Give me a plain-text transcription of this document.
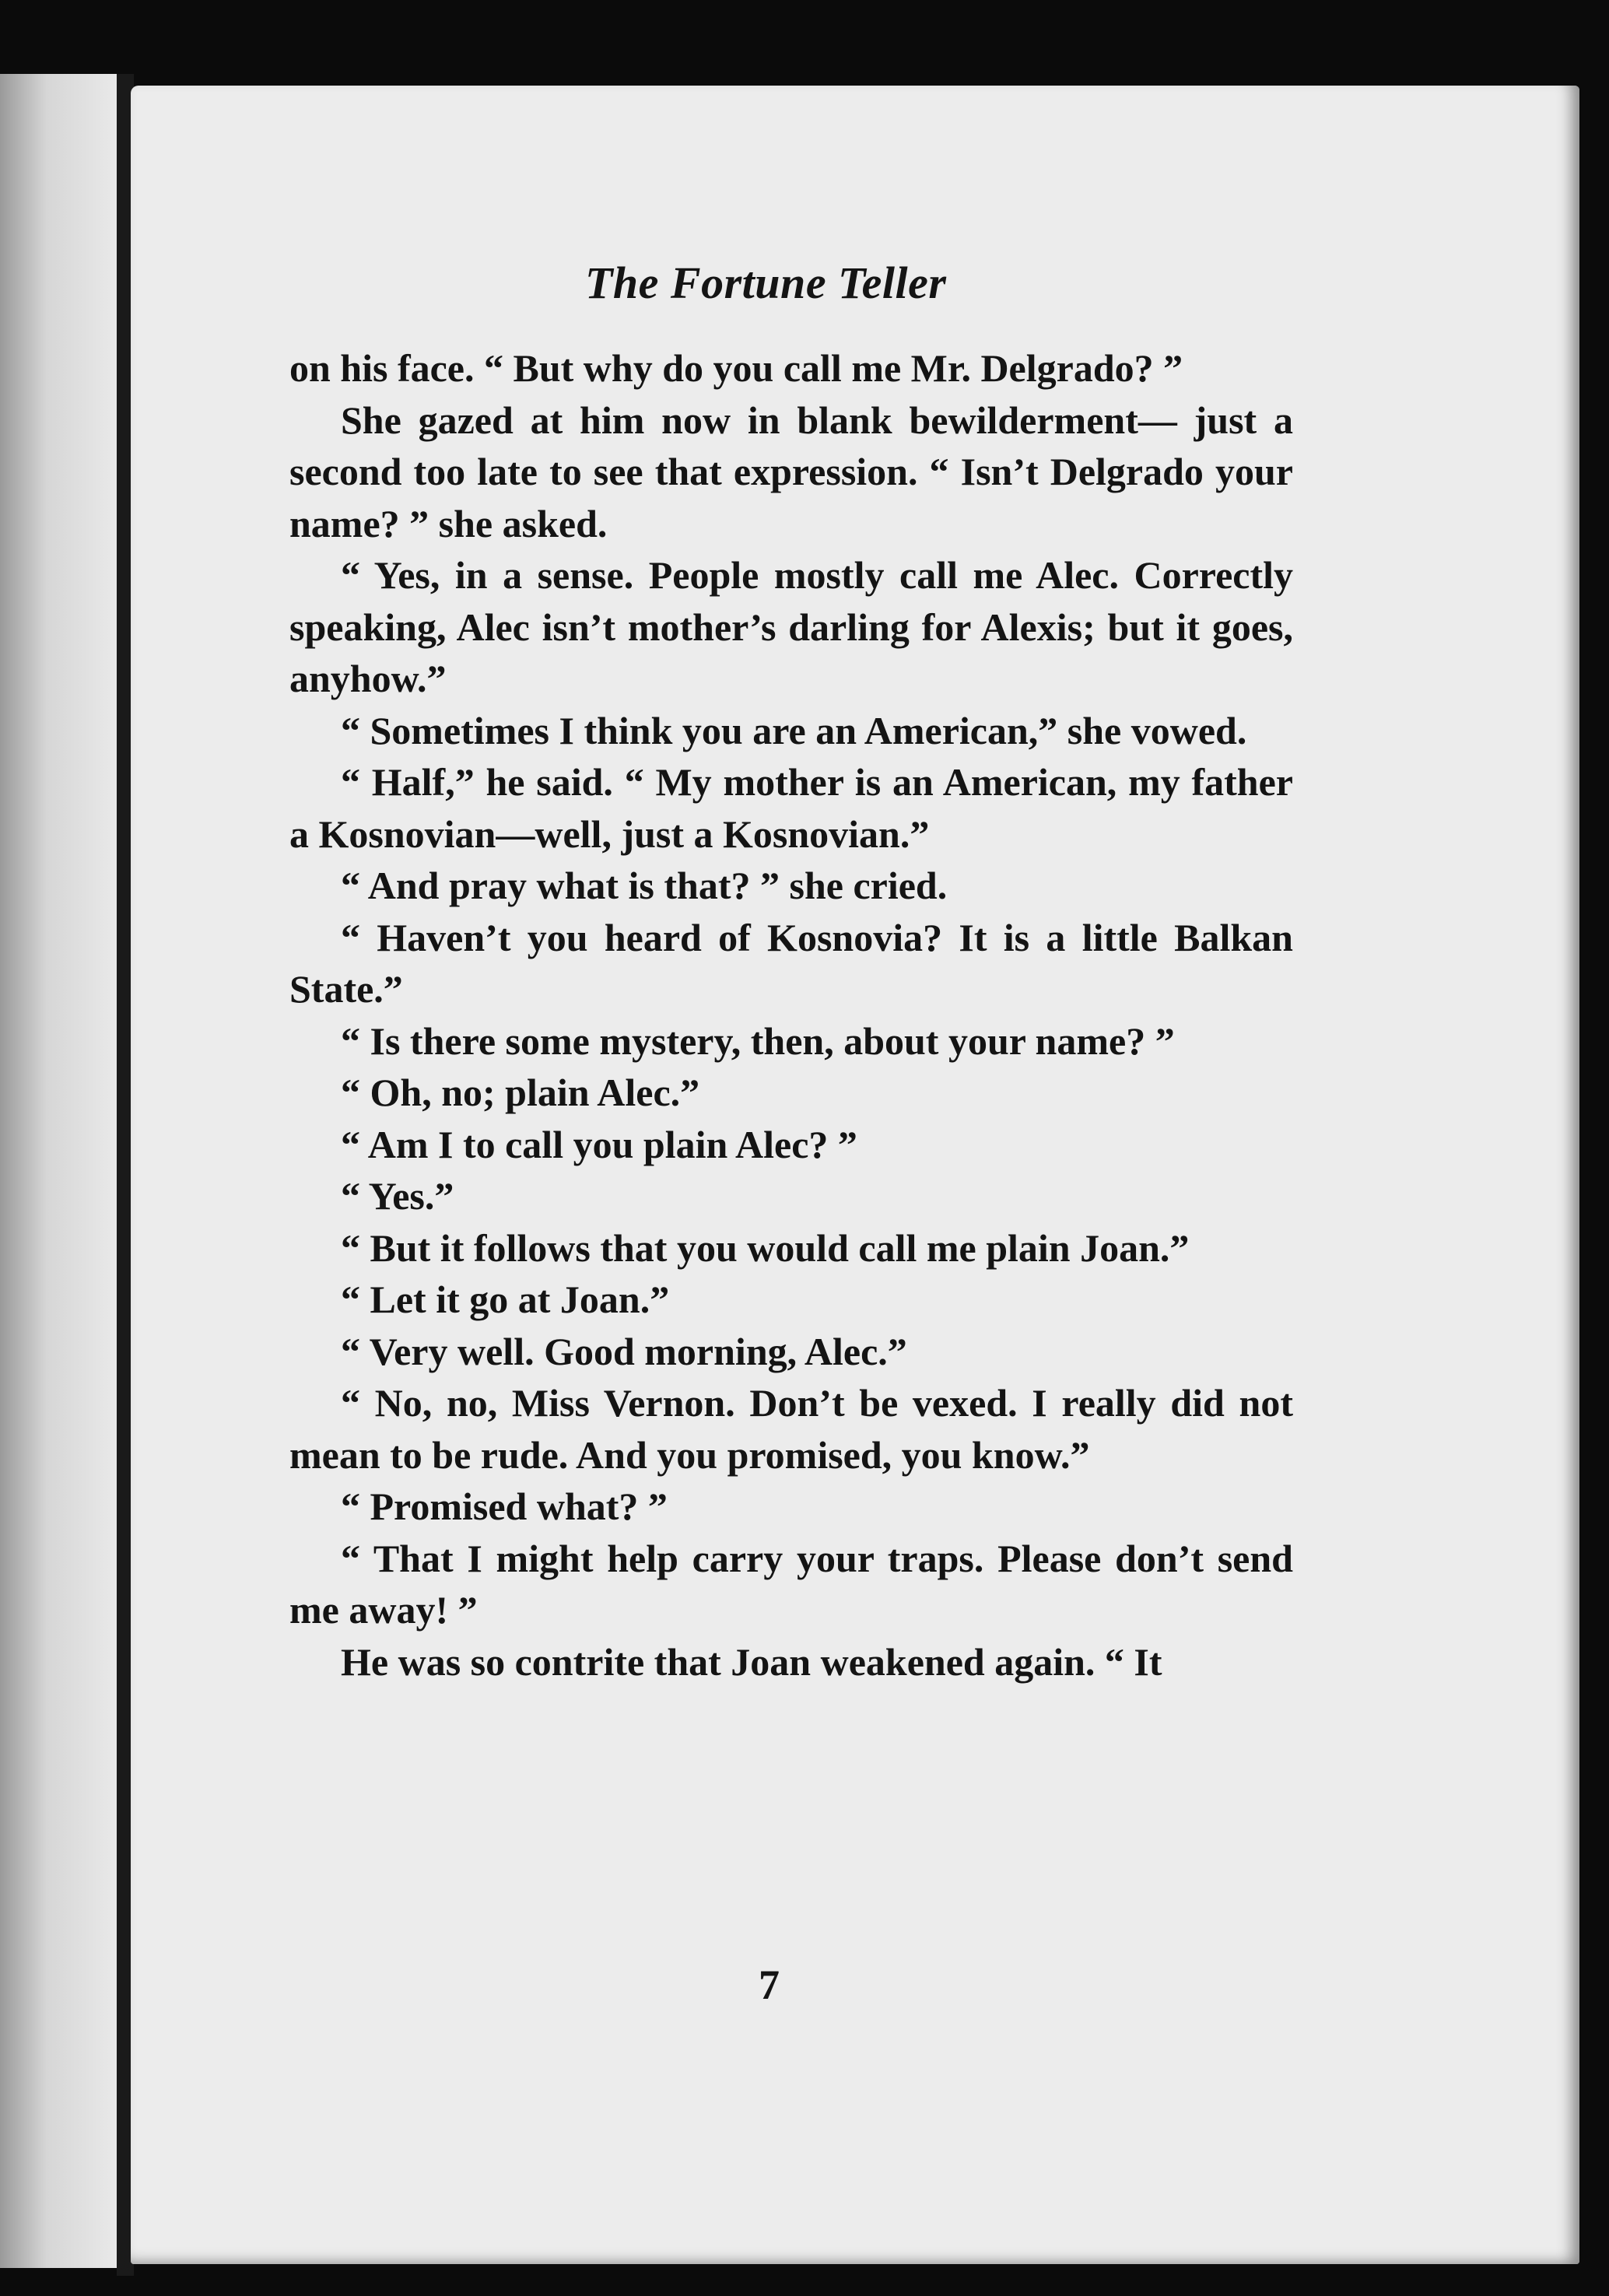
The Fortune Teller

on his face. “ But why do you call me Mr. Delgrado? ”

She gazed at him now in blank bewilderment— just a second too late to see that expression. “ Isn’t Delgrado your name? ” she asked.

“ Yes, in a sense. People mostly call me Alec. Correctly speaking, Alec isn’t mother’s darling for Alexis; but it goes, anyhow.”

“ Sometimes I think you are an American,” she vowed.

“ Half,” he said. “ My mother is an American, my father a Kosnovian—well, just a Kosnovian.”

“ And pray what is that? ” she cried.

“ Haven’t you heard of Kosnovia? It is a little Balkan State.”

“ Is there some mystery, then, about your name? ”

“ Oh, no; plain Alec.”

“ Am I to call you plain Alec? ”

“ Yes.”

“ But it follows that you would call me plain Joan.”

“ Let it go at Joan.”

“ Very well. Good morning, Alec.”

“ No, no, Miss Vernon. Don’t be vexed. I really did not mean to be rude. And you promised, you know.”

“ Promised what? ”

“ That I might help carry your traps. Please don’t send me away! ”

He was so contrite that Joan weakened again. “ It

7
